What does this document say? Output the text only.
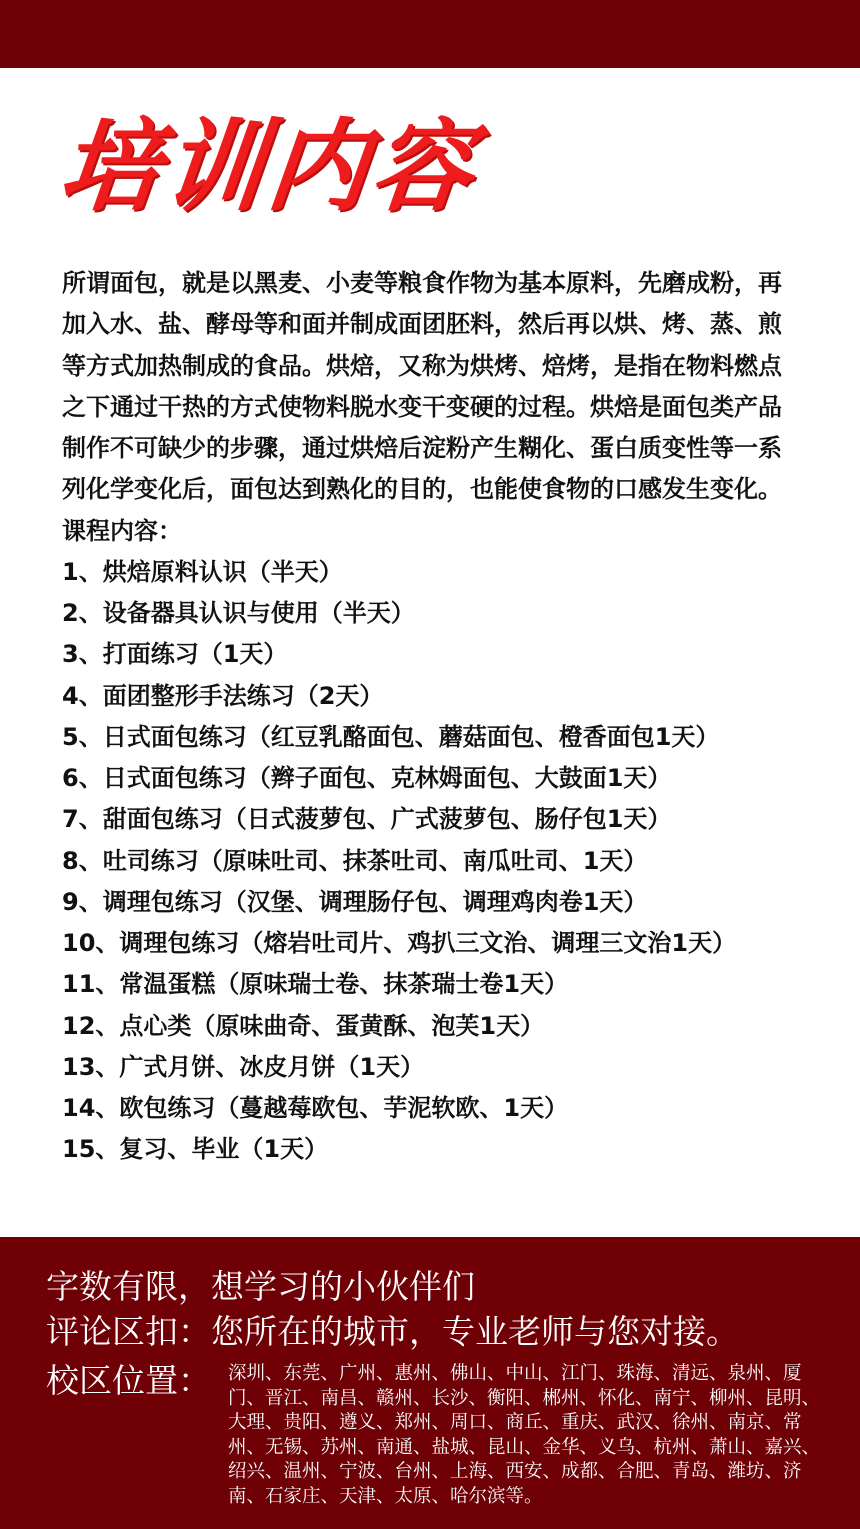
培训内容

所谓面包，就是以黑麦、小麦等粮食作物为基本原料，先磨成粉，再加入水、盐、酵母等和面并制成面团胚料，然后再以烘、烤、蒸、煎等方式加热制成的食品。烘焙，又称为烘烤、焙烤，是指在物料燃点之下通过干热的方式使物料脱水变干变硬的过程。烘焙是面包类产品制作不可缺少的步骤，通过烘焙后淀粉产生糊化、蛋白质变性等一系列化学变化后，面包达到熟化的目的，也能使食物的口感发生变化。

课程内容：

1、烘焙原料认识（半天）
2、设备器具认识与使用（半天）
3、打面练习（1天）
4、面团整形手法练习（2天）
5、日式面包练习（红豆乳酪面包、蘑菇面包、橙香面包1天）
6、日式面包练习（辫子面包、克林姆面包、大鼓面1天）
7、甜面包练习（日式菠萝包、广式菠萝包、肠仔包1天）
8、吐司练习（原味吐司、抹茶吐司、南瓜吐司、1天）
9、调理包练习（汉堡、调理肠仔包、调理鸡肉卷1天）
10、调理包练习（熔岩吐司片、鸡扒三文治、调理三文治1天）
11、常温蛋糕（原味瑞士卷、抹茶瑞士卷1天）
12、点心类（原味曲奇、蛋黄酥、泡芙1天）
13、广式月饼、冰皮月饼（1天）
14、欧包练习（蔓越莓欧包、芋泥软欧、1天）
15、复习、毕业（1天）
字数有限，想学习的小伙伴们
评论区扣：您所在的城市，专业老师与您对接。
校区位置： 深圳、东莞、广州、惠州、佛山、中山、江门、珠海、清远、泉州、厦门、晋江、南昌、赣州、长沙、衡阳、郴州、怀化、南宁、柳州、昆明、大理、贵阳、遵义、郑州、周口、商丘、重庆、武汉、徐州、南京、常州、无锡、苏州、南通、盐城、昆山、金华、义乌、杭州、萧山、嘉兴、绍兴、温州、宁波、台州、上海、西安、成都、合肥、青岛、潍坊、济南、石家庄、天津、太原、哈尔滨等。
